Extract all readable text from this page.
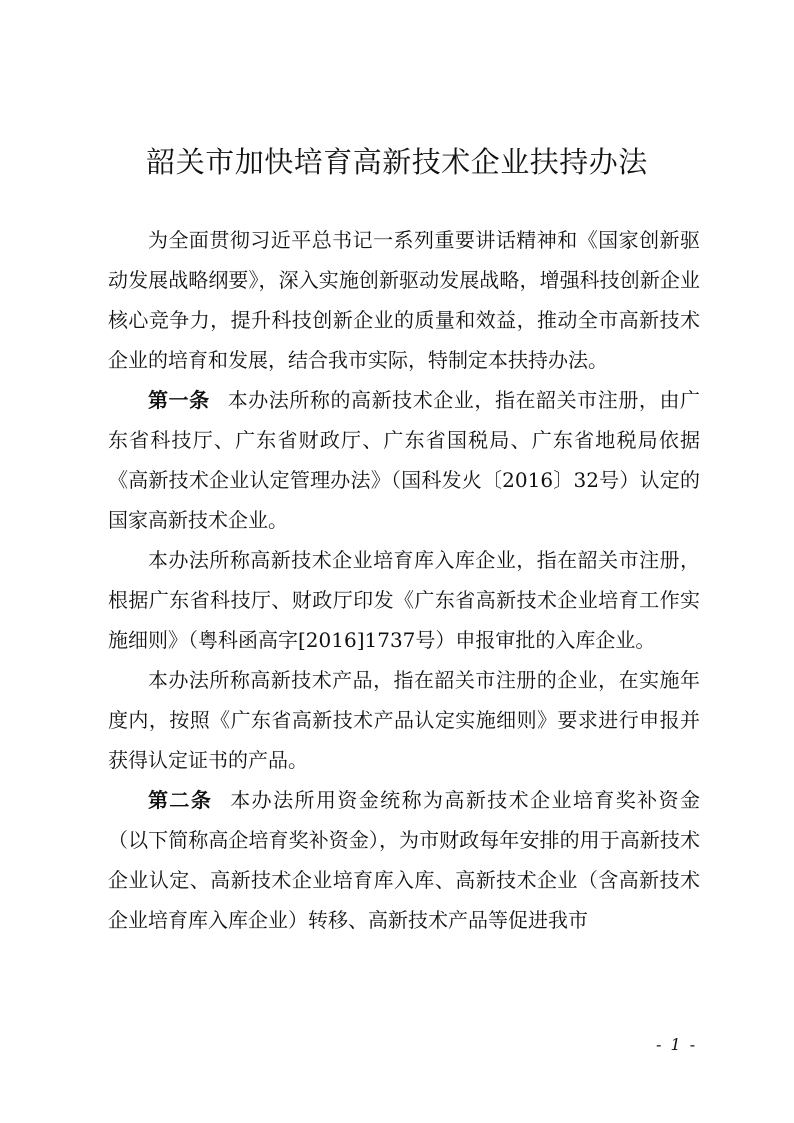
韶关市加快培育高新技术企业扶持办法

为全面贯彻习近平总书记一系列重要讲话精神和《国家创新驱动发展战略纲要》，深入实施创新驱动发展战略，增强科技创新企业核心竞争力，提升科技创新企业的质量和效益，推动全市高新技术企业的培育和发展，结合我市实际，特制定本扶持办法。

第一条 本办法所称的高新技术企业，指在韶关市注册，由广东省科技厅、广东省财政厅、广东省国税局、广东省地税局依据《高新技术企业认定管理办法》（国科发火〔2016〕32号）认定的国家高新技术企业。

本办法所称高新技术企业培育库入库企业，指在韶关市注册，根据广东省科技厅、财政厅印发《广东省高新技术企业培育工作实施细则》（粤科函高字[2016]1737号）申报审批的入库企业。

本办法所称高新技术产品，指在韶关市注册的企业，在实施年度内，按照《广东省高新技术产品认定实施细则》要求进行申报并获得认定证书的产品。

第二条 本办法所用资金统称为高新技术企业培育奖补资金（以下简称高企培育奖补资金），为市财政每年安排的用于高新技术企业认定、高新技术企业培育库入库、高新技术企业（含高新技术企业培育库入库企业）转移、高新技术产品等促进我市

- 1 -
